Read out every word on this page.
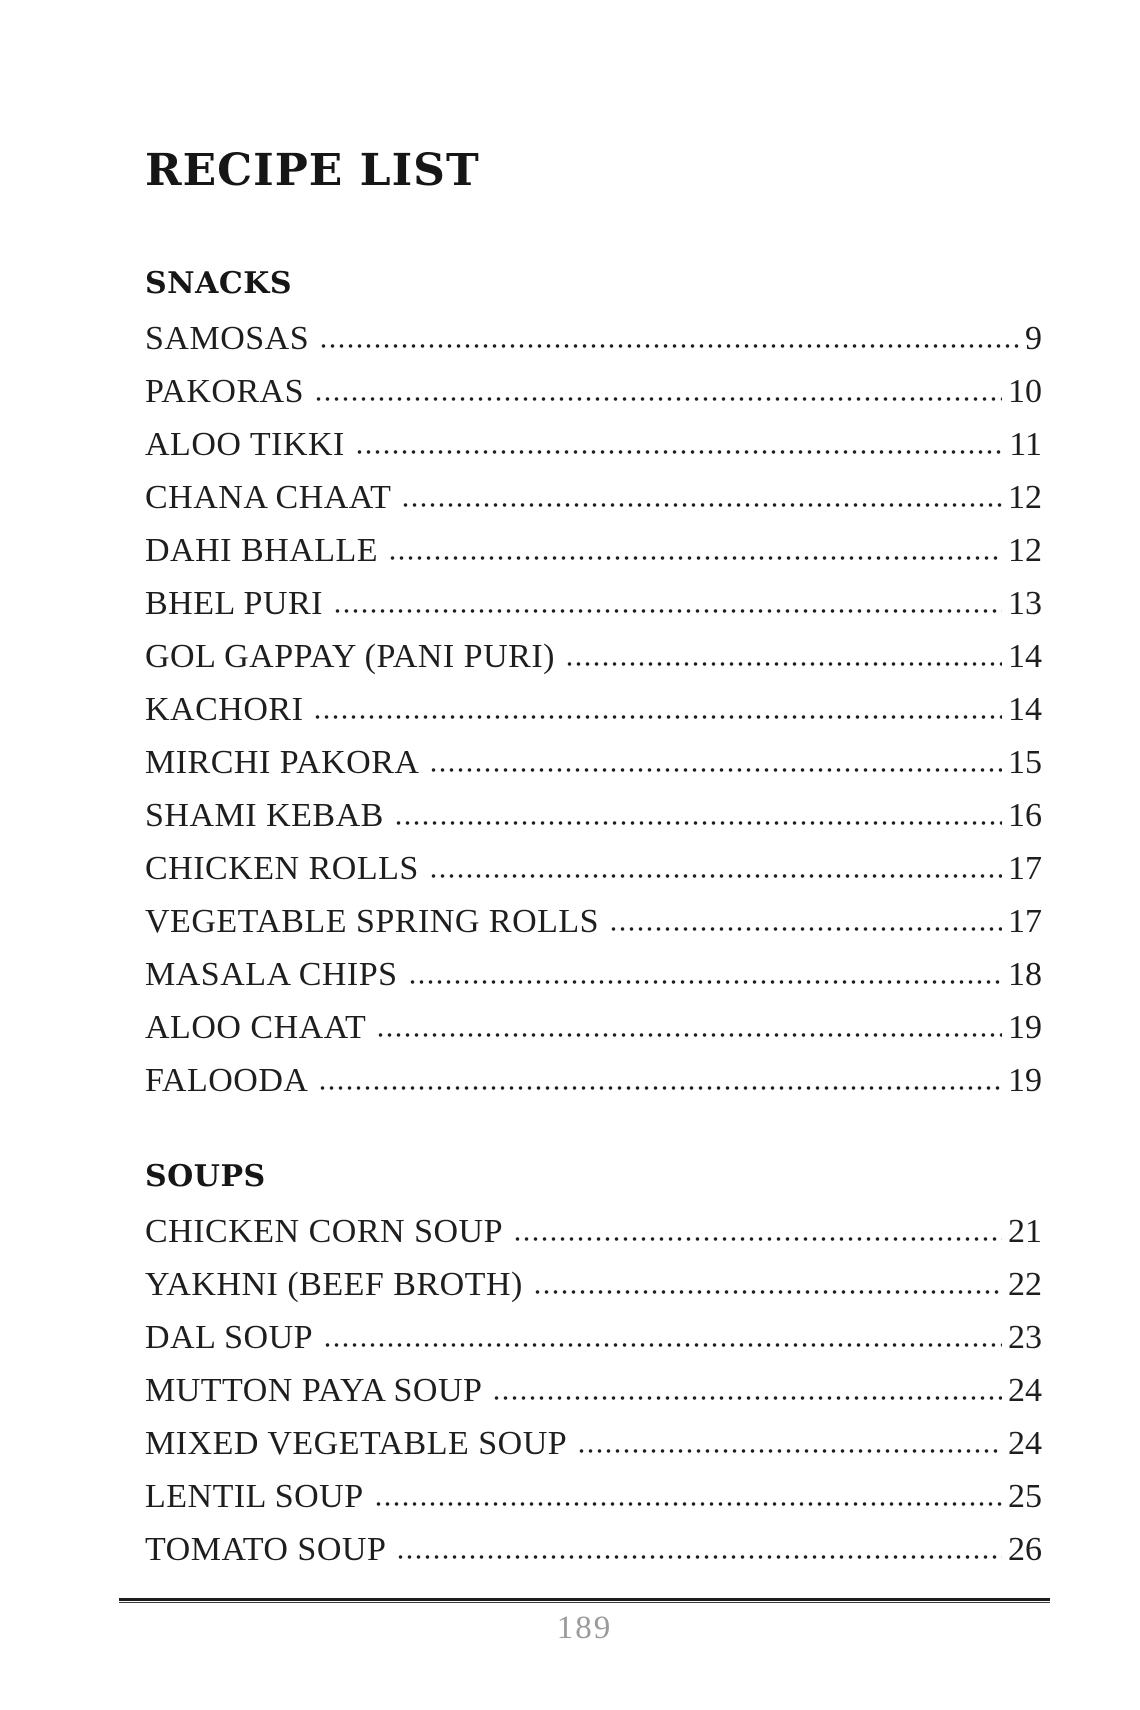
RECIPE LIST
SNACKS
SAMOSAS	9
PAKORAS	10
ALOO TIKKI	11
CHANA CHAAT	12
DAHI BHALLE	12
BHEL PURI	13
GOL GAPPAY (PANI PURI)	14
KACHORI	14
MIRCHI PAKORA	15
SHAMI KEBAB	16
CHICKEN ROLLS	17
VEGETABLE SPRING ROLLS	17
MASALA CHIPS	18
ALOO CHAAT	19
FALOODA	19
SOUPS
CHICKEN CORN SOUP	21
YAKHNI (BEEF BROTH)	22
DAL SOUP	23
MUTTON PAYA SOUP	24
MIXED VEGETABLE SOUP	24
LENTIL SOUP	25
TOMATO SOUP	26
189
